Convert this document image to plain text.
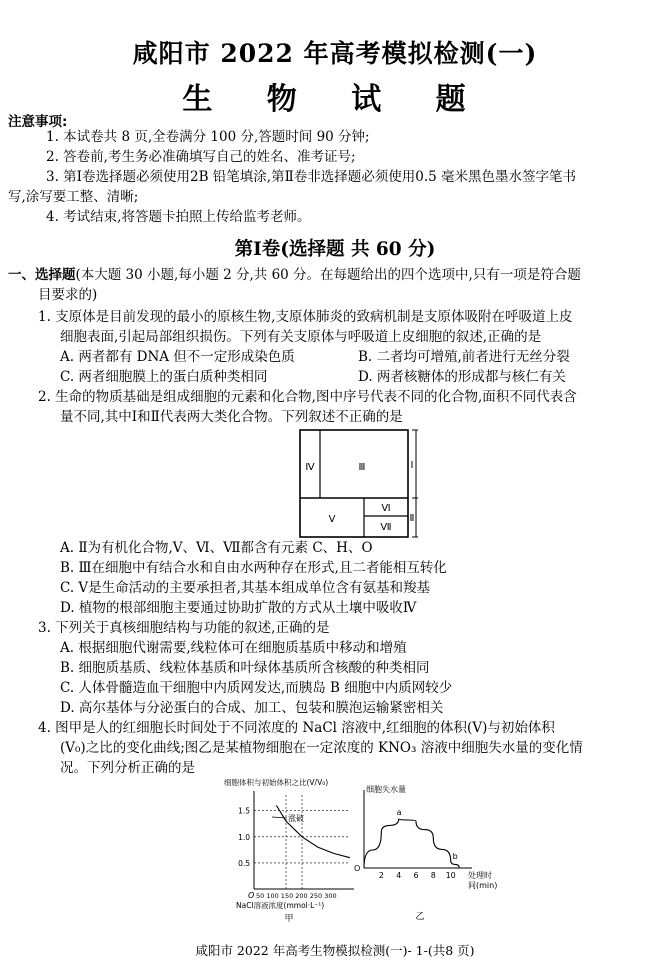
咸阳市 2022 年高考模拟检测(一)
生 物 试 题
注意事项:
1. 本试卷共 8 页,全卷满分 100 分,答题时间 90 分钟;
2. 答卷前,考生务必准确填写自己的姓名、准考证号;
3. 第Ⅰ卷选择题必须使用2B 铅笔填涂,第Ⅱ卷非选择题必须使用0.5 毫米黑色墨水签字笔书
写,涂写要工整、清晰;
4. 考试结束,将答题卡拍照上传给监考老师。
第Ⅰ卷(选择题 共 60 分)
一、选择题(本大题 30 小题,每小题 2 分,共 60 分。在每题给出的四个选项中,只有一项是符合题
目要求的)
1. 支原体是目前发现的最小的原核生物,支原体肺炎的致病机制是支原体吸附在呼吸道上皮
细胞表面,引起局部组织损伤。下列有关支原体与呼吸道上皮细胞的叙述,正确的是
A. 两者都有 DNA 但不一定形成染色质	B. 二者均可增殖,前者进行无丝分裂
C. 两者细胞膜上的蛋白质种类相同	D. 两者核糖体的形成都与核仁有关
2. 生命的物质基础是组成细胞的元素和化合物,图中序号代表不同的化合物,面积不同代表含
量不同,其中Ⅰ和Ⅱ代表两大类化合物。下列叙述不正确的是
Ⅳ	Ⅲ
Ⅴ
Ⅵ
Ⅶ
Ⅰ
Ⅱ
A. Ⅱ为有机化合物,Ⅴ、Ⅵ、Ⅶ都含有元素 C、H、O
B. Ⅲ在细胞中有结合水和自由水两种存在形式,且二者能相互转化
C. Ⅴ是生命活动的主要承担者,其基本组成单位含有氨基和羧基
D. 植物的根部细胞主要通过协助扩散的方式从土壤中吸收Ⅳ
3. 下列关于真核细胞结构与功能的叙述,正确的是
A. 根据细胞代谢需要,线粒体可在细胞质基质中移动和增殖
B. 细胞质基质、线粒体基质和叶绿体基质所含核酸的种类相同
C. 人体骨髓造血干细胞中内质网发达,而胰岛 B 细胞中内质网较少
D. 高尔基体与分泌蛋白的合成、加工、包装和膜泡运输紧密相关
4. 图甲是人的红细胞长时间处于不同浓度的 NaCl 溶液中,红细胞的体积(V)与初始体积
(V₀)之比的变化曲线;图乙是某植物细胞在一定浓度的 KNO₃ 溶液中细胞失水量的变化情
况。下列分析正确的是
细胞体积与初始体积之比(V/V₀)
1.5
1.0
0.5
O 50 100 150 200 250 300
NaCl溶液浓度(mmol·L⁻¹)
涨破
甲
细胞失水量
O
2 4 6 8 10
a
b
处理时
间(min)
乙
咸阳市 2022 年高考生物模拟检测(一)- 1-(共8 页)
